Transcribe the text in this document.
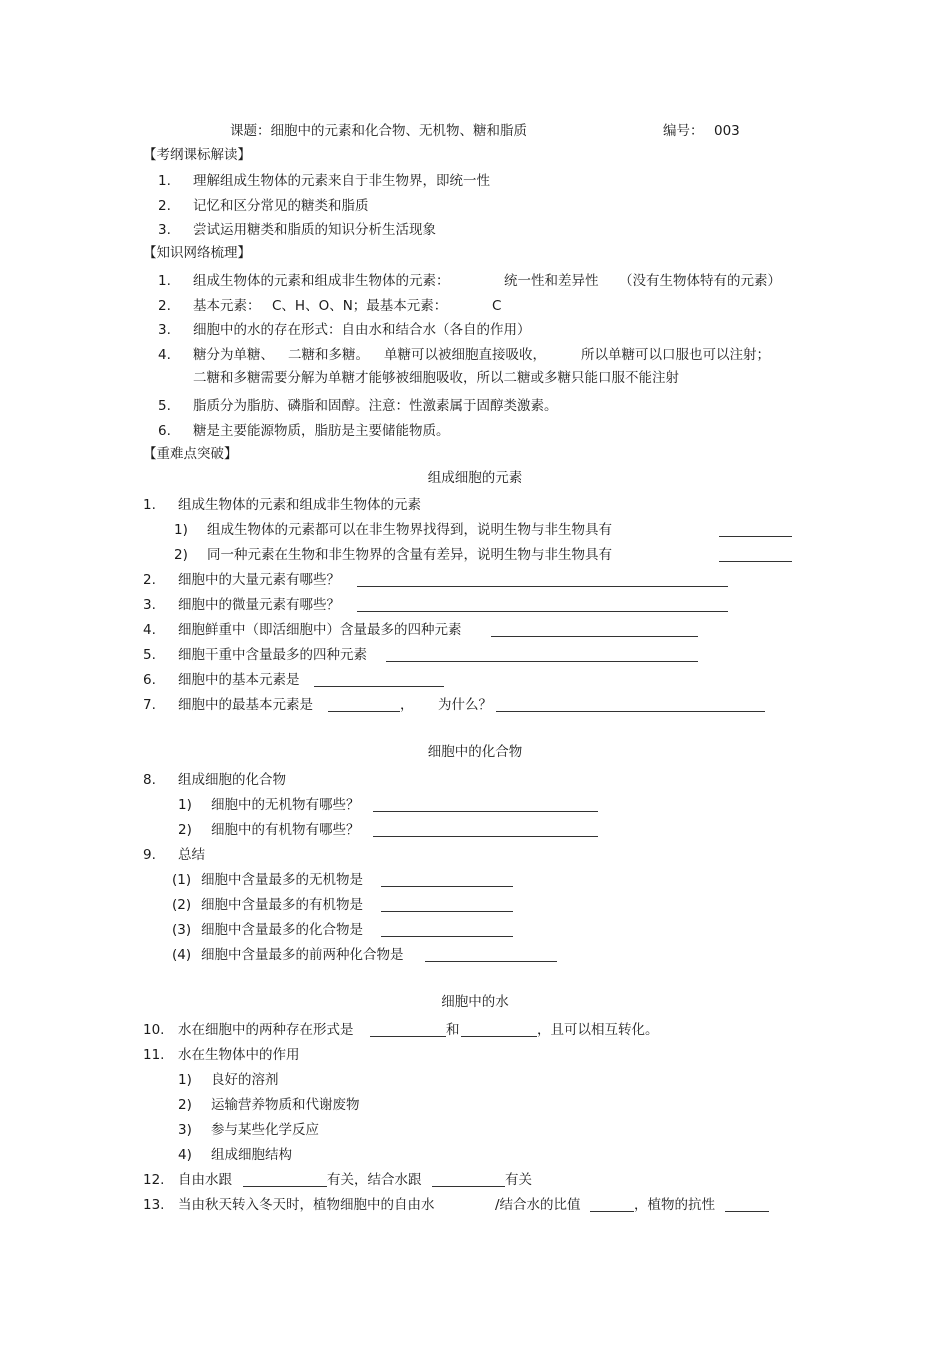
课题：细胞中的元素和化合物、无机物、糖和脂质	编号： 003
【考纲课标解读】
1. 理解组成生物体的元素来自于非生物界，即统一性
2. 记忆和区分常见的糖类和脂质
3. 尝试运用糖类和脂质的知识分析生活现象
【知识网络梳理】
1. 组成生物体的元素和组成非生物体的元素：	统一性和差异性 （没有生物体特有的元素）
2. 基本元素： C、H、O、N；最基本元素：	C
3. 细胞中的水的存在形式：自由水和结合水（各自的作用）
4. 糖分为单糖、 二糖和多糖。 单糖可以被细胞直接吸收，	所以单糖可以口服也可以注射；
二糖和多糖需要分解为单糖才能够被细胞吸收，所以二糖或多糖只能口服不能注射
5. 脂质分为脂肪、磷脂和固醇。注意：性激素属于固醇类激素。
6. 糖是主要能源物质，脂肪是主要储能物质。
【重难点突破】
组成细胞的元素
1. 组成生物体的元素和组成非生物体的元素
1) 组成生物体的元素都可以在非生物界找得到，说明生物与非生物具有
2) 同一种元素在生物和非生物界的含量有差异，说明生物与非生物具有
2. 细胞中的大量元素有哪些？
3. 细胞中的微量元素有哪些？
4. 细胞鲜重中（即活细胞中）含量最多的四种元素
5. 细胞干重中含量最多的四种元素
6. 细胞中的基本元素是
7. 细胞中的最基本元素是	， 为什么？
细胞中的化合物
8. 组成细胞的化合物
1) 细胞中的无机物有哪些？
2) 细胞中的有机物有哪些？
9. 总结
(1) 细胞中含量最多的无机物是
(2) 细胞中含量最多的有机物是
(3) 细胞中含量最多的化合物是
(4) 细胞中含量最多的前两种化合物是
细胞中的水
10. 水在细胞中的两种存在形式是	和	，且可以相互转化。
11. 水在生物体中的作用
1) 良好的溶剂
2) 运输营养物质和代谢废物
3) 参与某些化学反应
4) 组成细胞结构
12. 自由水跟	有关，结合水跟	有关
13. 当由秋天转入冬天时，植物细胞中的自由水	/结合水的比值	，植物的抗性
